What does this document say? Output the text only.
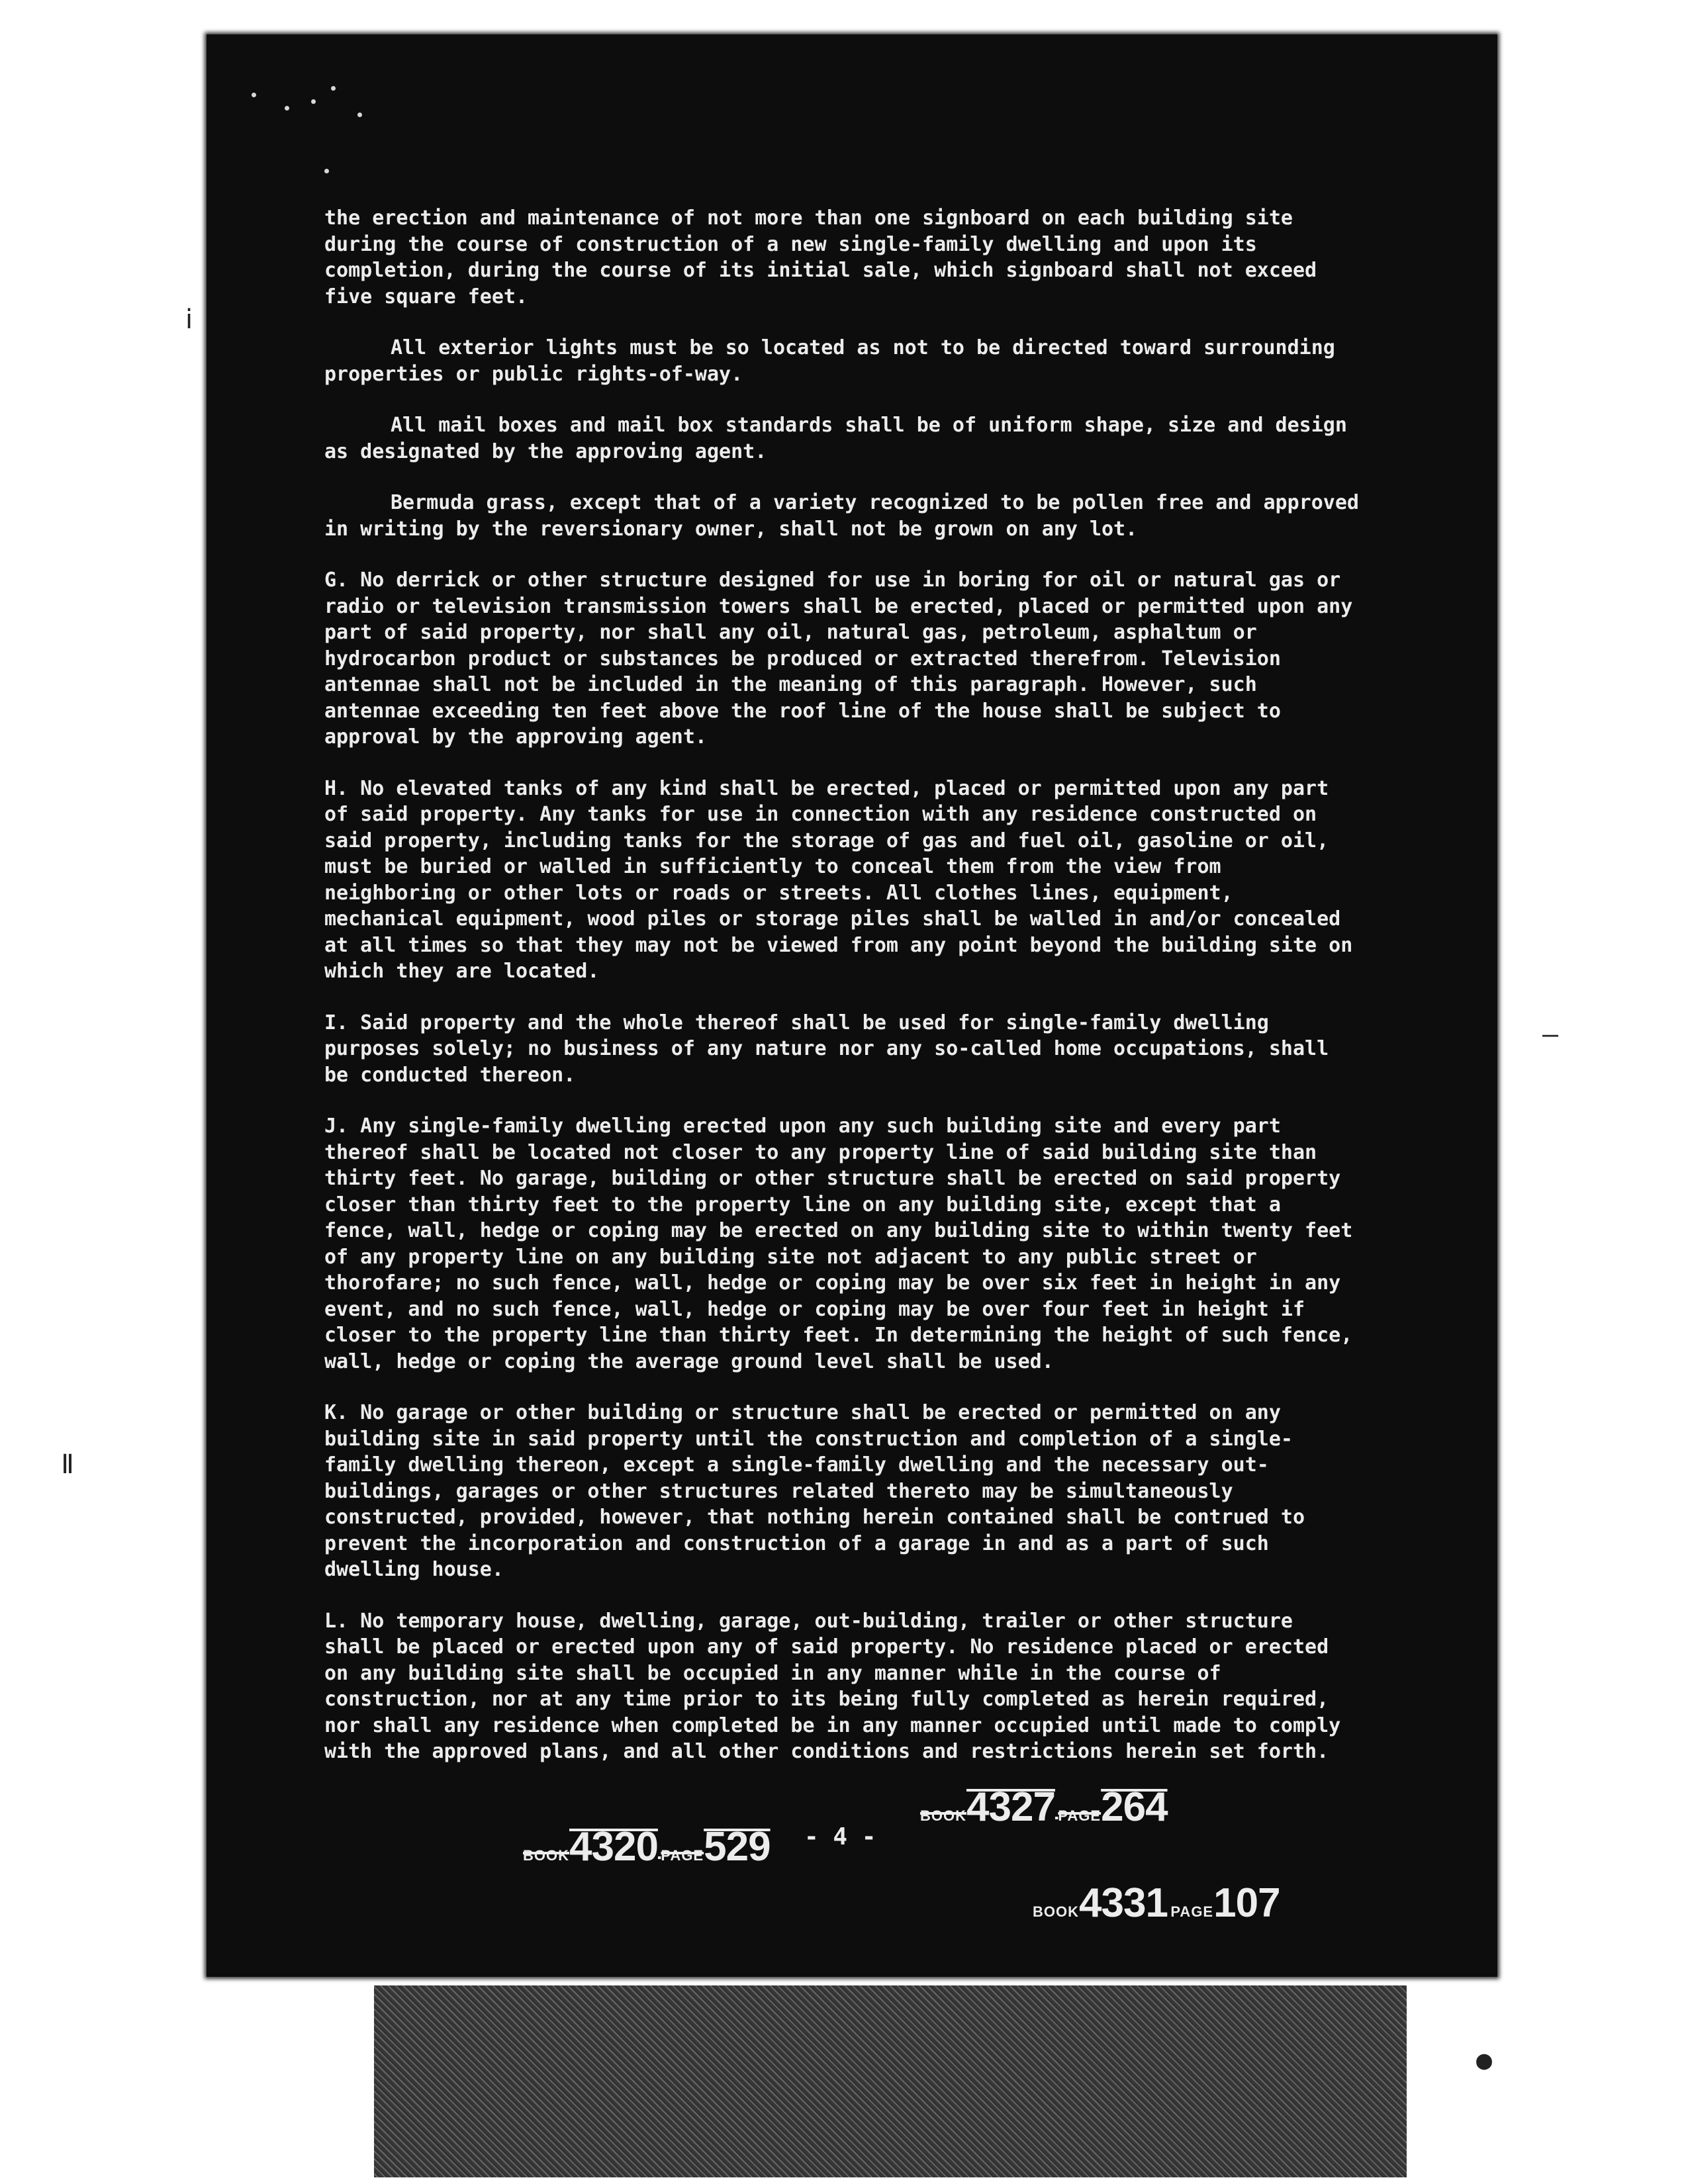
the erection and maintenance of not more than one signboard on each building site during the course of construction of a new single-family dwelling and upon its completion, during the course of its initial sale, which signboard shall not exceed five square feet.

All exterior lights must be so located as not to be directed toward surrounding properties or public rights-of-way.

All mail boxes and mail box standards shall be of uniform shape, size and design as designated by the approving agent.

Bermuda grass, except that of a variety recognized to be pollen free and approved in writing by the reversionary owner, shall not be grown on any lot.

G. No derrick or other structure designed for use in boring for oil or natural gas or radio or television transmission towers shall be erected, placed or permitted upon any part of said property, nor shall any oil, natural gas, petroleum, asphaltum or hydrocarbon product or substances be produced or extracted therefrom. Television antennae shall not be included in the meaning of this paragraph. However, such antennae exceeding ten feet above the roof line of the house shall be subject to approval by the approving agent.

H. No elevated tanks of any kind shall be erected, placed or permitted upon any part of said property. Any tanks for use in connection with any residence constructed on said property, including tanks for the storage of gas and fuel oil, gasoline or oil, must be buried or walled in sufficiently to conceal them from the view from neighboring or other lots or roads or streets. All clothes lines, equipment, mechanical equipment, wood piles or storage piles shall be walled in and/or concealed at all times so that they may not be viewed from any point beyond the building site on which they are located.

I. Said property and the whole thereof shall be used for single-family dwelling purposes solely; no business of any nature nor any so-called home occupations, shall be conducted thereon.

J. Any single-family dwelling erected upon any such building site and every part thereof shall be located not closer to any property line of said building site than thirty feet. No garage, building or other structure shall be erected on said property closer than thirty feet to the property line on any building site, except that a fence, wall, hedge or coping may be erected on any building site to within twenty feet of any property line on any building site not adjacent to any public street or thorofare; no such fence, wall, hedge or coping may be over six feet in height in any event, and no such fence, wall, hedge or coping may be over four feet in height if closer to the property line than thirty feet. In determining the height of such fence, wall, hedge or coping the average ground level shall be used.

K. No garage or other building or structure shall be erected or permitted on any building site in said property until the construction and completion of a single-family dwelling thereon, except a single-family dwelling and the necessary out-buildings, garages or other structures related thereto may be simultaneously constructed, provided, however, that nothing herein contained shall be contrued to prevent the incorporation and construction of a garage in and as a part of such dwelling house.

L. No temporary house, dwelling, garage, out-building, trailer or other structure shall be placed or erected upon any of said property. No residence placed or erected on any building site shall be occupied in any manner while in the course of construction, nor at any time prior to its being fully completed as herein required, nor shall any residence when completed be in any manner occupied until made to comply with the approved plans, and all other conditions and restrictions herein set forth.

BOOK4320 PAGE529 - 4 -
BOOK4327 PAGE264
BOOK4331 PAGE107
ⅰ
ǁ
●
—
